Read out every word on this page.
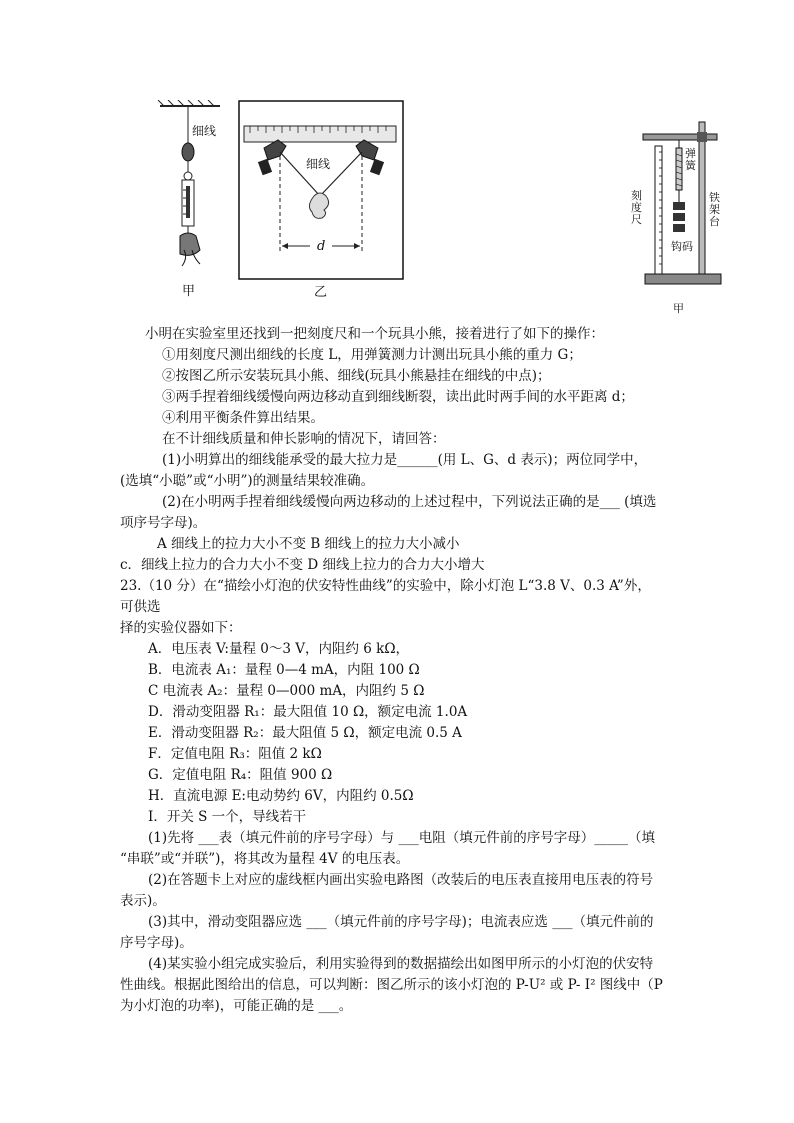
细线
甲
细线
d
乙
刻度尺
弹簧
铁架台
钩码
甲
小明在实验室里还找到一把刻度尺和一个玩具小熊，接着进行了如下的操作：
①用刻度尺测出细线的长度 L，用弹簧测力计测出玩具小熊的重力 G；
②按图乙所示安装玩具小熊、细线(玩具小熊悬挂在细线的中点)；
③两手捏着细线缓慢向两边移动直到细线断裂，读出此时两手间的水平距离 d；
④利用平衡条件算出结果。
在不计细线质量和伸长影响的情况下，请回答：
(1)小明算出的细线能承受的最大拉力是______(用 L、G、d 表示)；两位同学中，
(选填“小聪”或“小明”)的测量结果较准确。
(2)在小明两手捏着细线缓慢向两边移动的上述过程中，下列说法正确的是___ (填选
项序号字母)。
A 细线上的拉力大小不变 B 细线上的拉力大小减小
c．细线上拉力的合力大小不变 D 细线上拉力的合力大小增大
23.（10 分）在“描绘小灯泡的伏安特性曲线”的实验中，除小灯泡 L“3.8 V、0.3 A”外，
可供选
择的实验仪器如下：
A．电压表 V:量程 0～3 V，内阻约 6 kΩ，
B．电流表 A₁：量程 0—4 mA，内阻 100 Ω
C 电流表 A₂：量程 0—000 mA，内阻约 5 Ω
D．滑动变阻器 R₁：最大阻值 10 Ω，额定电流 1.0A
E．滑动变阻器 R₂：最大阻值 5 Ω，额定电流 0.5 A
F．定值电阻 R₃：阻值 2 kΩ
G．定值电阻 R₄：阻值 900 Ω
H．直流电源 E:电动势约 6V，内阻约 0.5Ω
I．开关 S 一个，导线若干
(1)先将 ___表（填元件前的序号字母）与 ___电阻（填元件前的序号字母）_____（填
“串联”或“并联”)，将其改为量程 4V 的电压表。
(2)在答题卡上对应的虚线框内画出实验电路图（改装后的电压表直接用电压表的符号
表示)。
(3)其中，滑动变阻器应选 ___（填元件前的序号字母)；电流表应选 ___（填元件前的
序号字母)。
(4)某实验小组完成实验后，利用实验得到的数据描绘出如图甲所示的小灯泡的伏安特
性曲线。根据此图给出的信息，可以判断：图乙所示的该小灯泡的 P-U² 或 P- I² 图线中（P
为小灯泡的功率)，可能正确的是 ___。
